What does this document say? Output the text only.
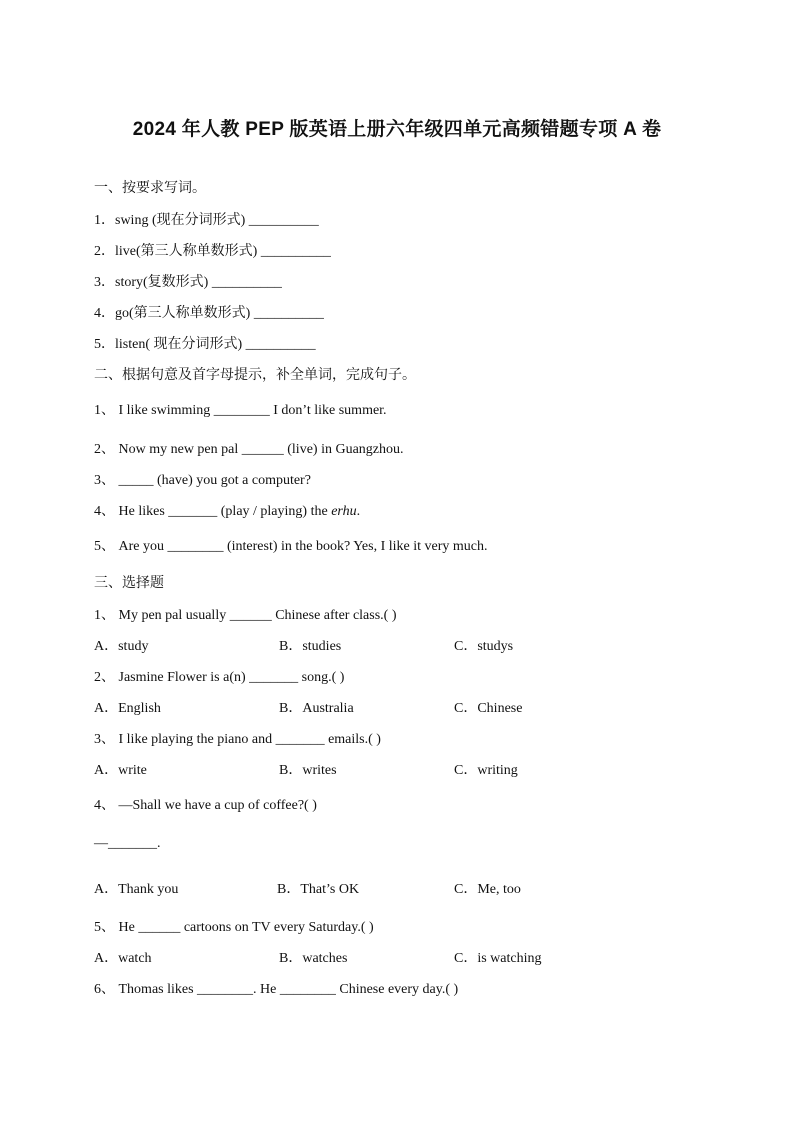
2024 年人教 PEP 版英语上册六年级四单元高频错题专项 A 卷
一、按要求写词。
1．swing (现在分词形式) __________
2．live(第三人称单数形式) __________
3．story(复数形式) __________
4．go(第三人称单数形式) __________
5．listen( 现在分词形式) __________
二、根据句意及首字母提示，补全单词，完成句子。
1、 I like swimming ________ I don’t like summer.
2、 Now my new pen pal ______ (live) in Guangzhou.
3、 _____ (have) you got a computer?
4、 He likes _______ (play / playing) the erhu.
5、 Are you ________ (interest) in the book? Yes, I like it very much.
三、选择题
1、 My pen pal usually ______ Chinese after class.( )
A．study	B．studies	C．studys
2、 Jasmine Flower is a(n) _______ song.( )
A．English	B．Australia	C．Chinese
3、 I like playing the piano and _______ emails.( )
A．write	B．writes	C．writing
4、 —Shall we have a cup of coffee?( )
—_______.
A．Thank you	B．That’s OK	C．Me, too
5、 He ______ cartoons on TV every Saturday.( )
A．watch	B．watches	C．is watching
6、 Thomas likes ________. He ________ Chinese every day.( )
